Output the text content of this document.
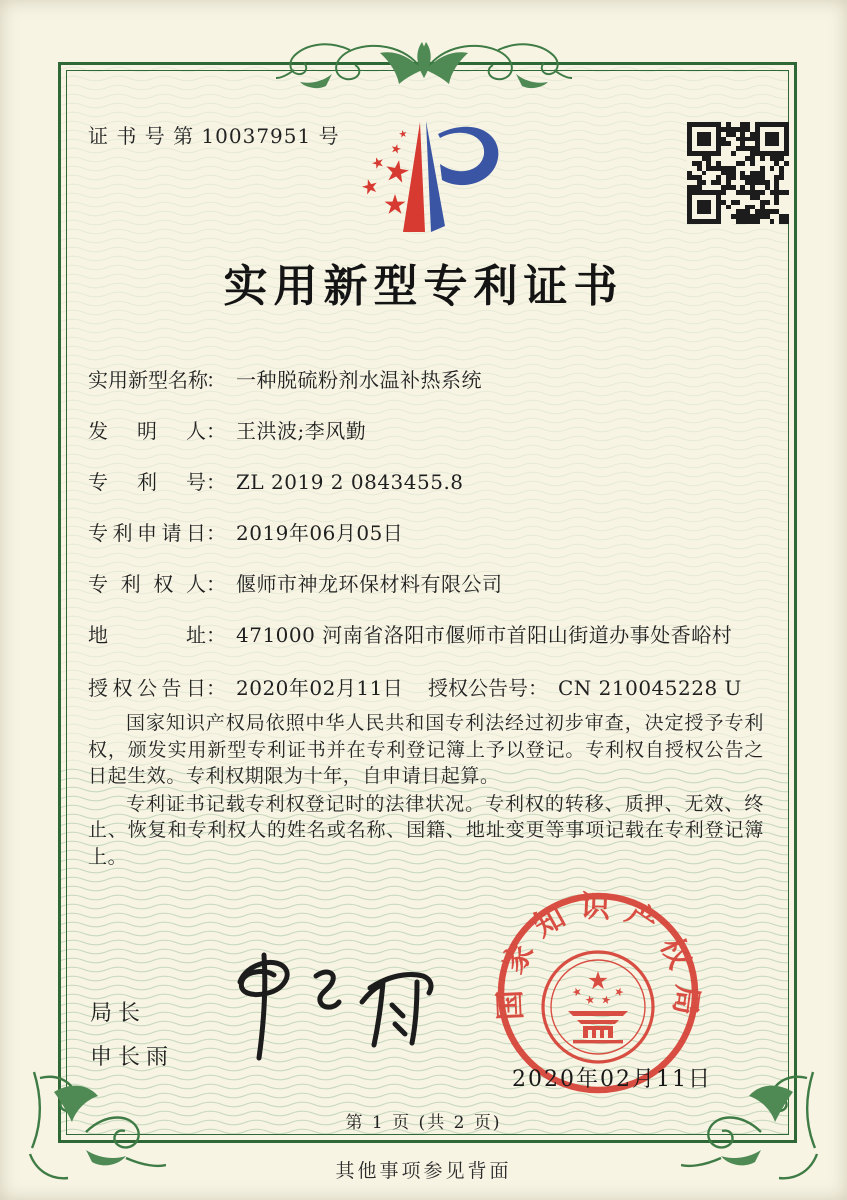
证 书 号 第 10037951 号
实用新型专利证书
实用新型名称： 一种脱硫粉剂水温补热系统
发明人： 王洪波;李风勤
专利号： ZL 2019 2 0843455.8
专利申请日： 2019年06月05日
专利权人： 偃师市神龙环保材料有限公司
地址： 471000 河南省洛阳市偃师市首阳山街道办事处香峪村
授权公告日： 2020年02月11日 授权公告号： CN 210045228 U

国家知识产权局依照中华人民共和国专利法经过初步审查，决定授予专利权，颁发实用新型专利证书并在专利登记簿上予以登记。专利权自授权公告之日起生效。专利权期限为十年，自申请日起算。

专利证书记载专利权登记时的法律状况。专利权的转移、质押、无效、终止、恢复和专利权人的姓名或名称、国籍、地址变更等事项记载在专利登记簿上。

局长
申长雨
国家知识产权局
2020年02月11日
第 1 页 (共 2 页)
其他事项参见背面
